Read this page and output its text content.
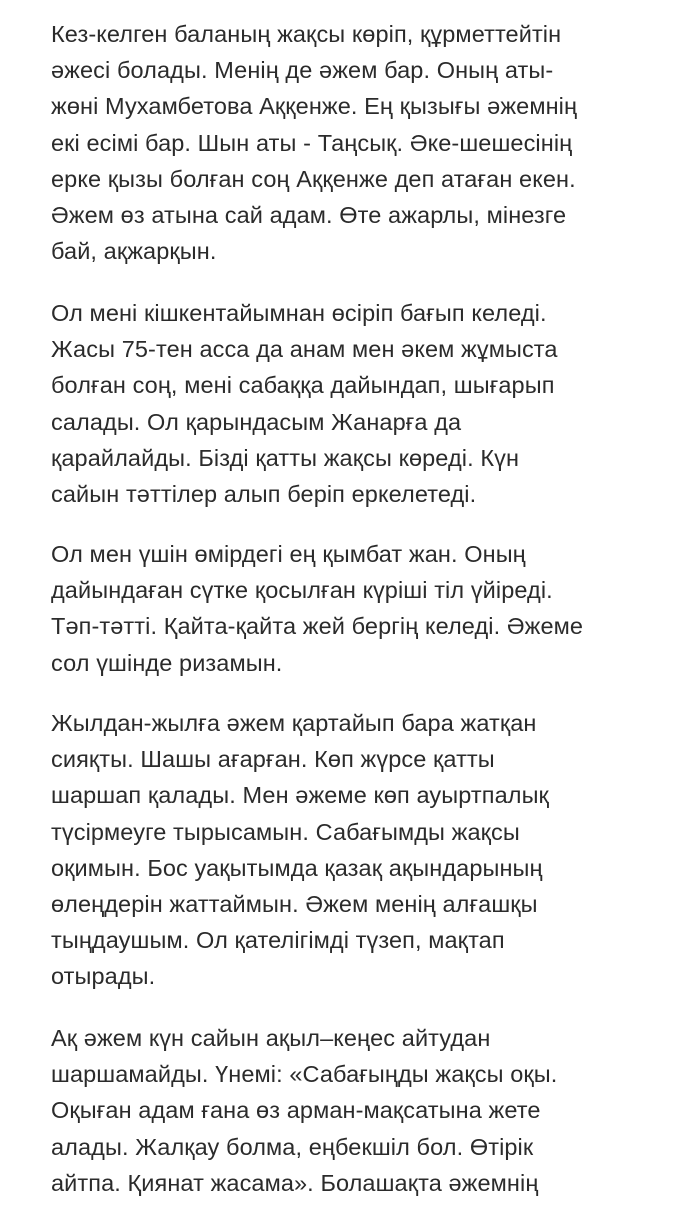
Кез-келген баланың жақсы көріп, құрметтейтін
әжесі болады. Менің де әжем бар. Оның аты-
жөні Мухамбетова Аққенже. Ең қызығы әжемнің
екі есімі бар. Шын аты - Таңсық. Әке-шешесінің
ерке қызы болған соң Аққенже деп атаған екен.
Әжем өз атына сай адам. Өте ажарлы, мінезге
бай, ақжарқын.
Ол мені кішкентайымнан өсіріп бағып келеді.
Жасы 75-тен асса да анам мен әкем жұмыста
болған соң, мені сабаққа дайындап, шығарып
салады. Ол қарындасым Жанарға да
қарайлайды. Бізді қатты жақсы көреді. Күн
сайын тәттілер алып беріп еркелетеді.
Ол мен үшін өмірдегі ең қымбат жан. Оның
дайындаған сүтке қосылған күріші тіл үйіреді.
Тәп-тәтті. Қайта-қайта жей бергің келеді. Әжеме
сол үшінде ризамын.
Жылдан-жылға әжем қартайып бара жатқан
сияқты. Шашы ағарған. Көп жүрсе қатты
шаршап қалады. Мен әжеме көп ауыртпалық
түсірмеуге тырысамын. Сабағымды жақсы
оқимын. Бос уақытымда қазақ ақындарының
өлеңдерін жаттаймын. Әжем менің алғашқы
тыңдаушым. Ол қателігімді түзеп, мақтап
отырады.
Ақ әжем күн сайын ақыл–кеңес айтудан
шаршамайды. Үнемі: «Сабағыңды жақсы оқы.
Оқыған адам ғана өз арман-мақсатына жете
алады. Жалқау болма, еңбекшіл бол. Өтірік
айтпа. Қиянат жасама». Болашақта әжемнің
